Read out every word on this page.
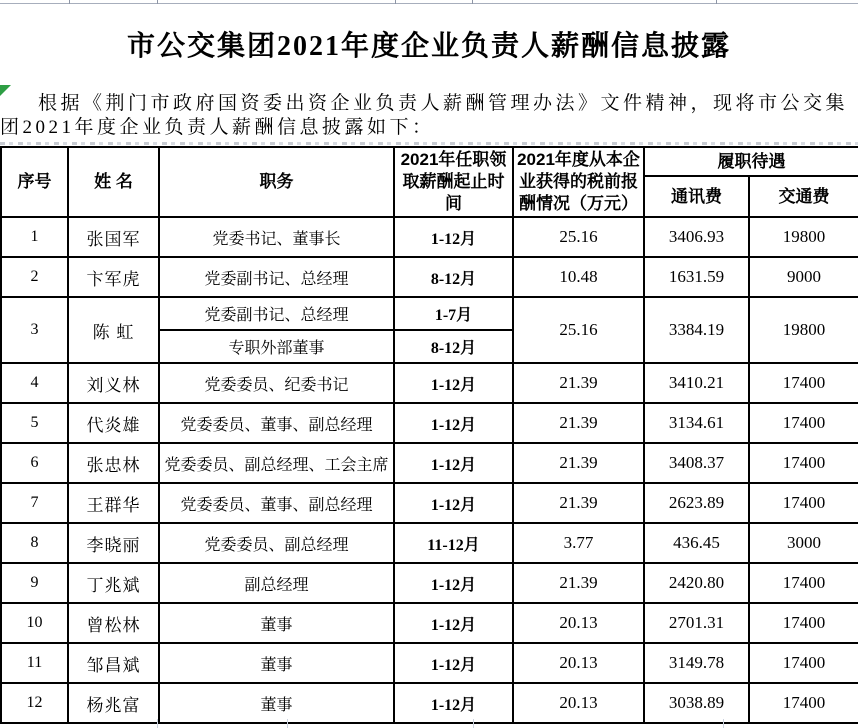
市公交集团2021年度企业负责人薪酬信息披露
根据《荆门市政府国资委出资企业负责人薪酬管理办法》文件精神，现将市公交集团2021年度企业负责人薪酬信息披露如下：
序号	姓 名	职务	2021年任职领取薪酬起止时间	2021年度从本企业获得的税前报酬情况（万元）	履职待遇	
					通讯费	交通费
1	张国军	党委书记、董事长	1-12月	25.16	3406.93	19800
2	卞军虎	党委副书记、总经理	8-12月	10.48	1631.59	9000
3	陈 虹	党委副书记、总经理	1-7月	25.16	3384.19	19800
		专职外部董事	8-12月			
4	刘义林	党委委员、纪委书记	1-12月	21.39	3410.21	17400
5	代炎雄	党委委员、董事、副总经理	1-12月	21.39	3134.61	17400
6	张忠林	党委委员、副总经理、工会主席	1-12月	21.39	3408.37	17400
7	王群华	党委委员、董事、副总经理	1-12月	21.39	2623.89	17400
8	李晓丽	党委委员、副总经理	11-12月	3.77	436.45	3000
9	丁兆斌	副总经理	1-12月	21.39	2420.80	17400
10	曾松林	董事	1-12月	20.13	2701.31	17400
11	邹昌斌	董事	1-12月	20.13	3149.78	17400
12	杨兆富	董事	1-12月	20.13	3038.89	17400
